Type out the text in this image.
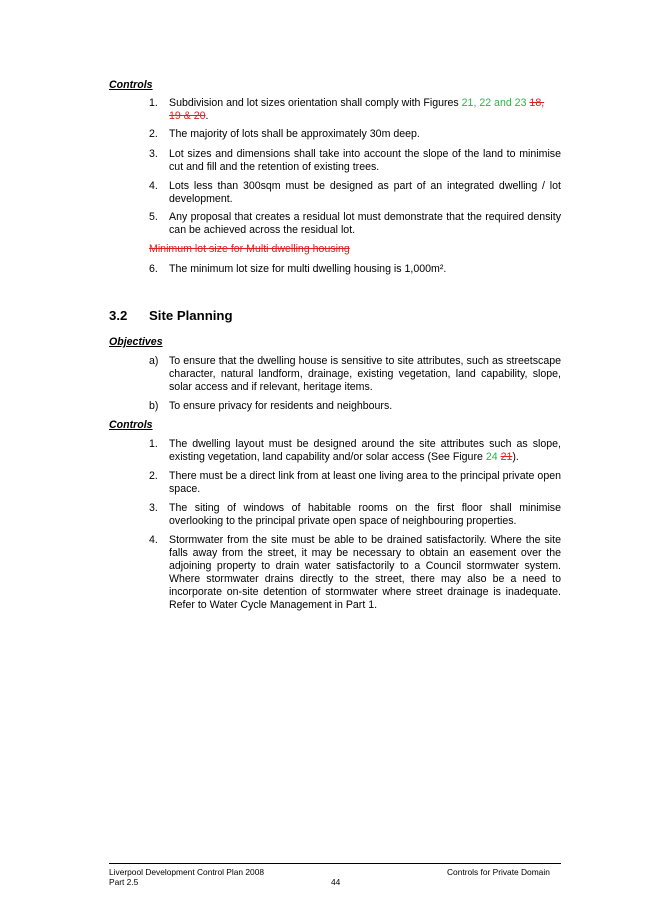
Controls
1. Subdivision and lot sizes orientation shall comply with Figures 21, 22 and 23 18,
19 & 20.
2. The majority of lots shall be approximately 30m deep.
3. Lot sizes and dimensions shall take into account the slope of the land to minimise cut and fill and the retention of existing trees.
4. Lots less than 300sqm must be designed as part of an integrated dwelling / lot development.
5. Any proposal that creates a residual lot must demonstrate that the required density can be achieved across the residual lot.
Minimum lot size for Multi dwelling housing
6. The minimum lot size for multi dwelling housing is 1,000m².
3.2 Site Planning
Objectives
a) To ensure that the dwelling house is sensitive to site attributes, such as streetscape character, natural landform, drainage, existing vegetation, land capability, slope, solar access and if relevant, heritage items.
b) To ensure privacy for residents and neighbours.
Controls
1. The dwelling layout must be designed around the site attributes such as slope, existing vegetation, land capability and/or solar access (See Figure 24 21).
2. There must be a direct link from at least one living area to the principal private open space.
3. The siting of windows of habitable rooms on the first floor shall minimise overlooking to the principal private open space of neighbouring properties.
4. Stormwater from the site must be able to be drained satisfactorily. Where the site falls away from the street, it may be necessary to obtain an easement over the adjoining property to drain water satisfactorily to a Council stormwater system. Where stormwater drains directly to the street, there may also be a need to incorporate on-site detention of stormwater where street drainage is inadequate. Refer to Water Cycle Management in Part 1.
Liverpool Development Control Plan 2008
Part 2.5	44
Controls for Private Domain
